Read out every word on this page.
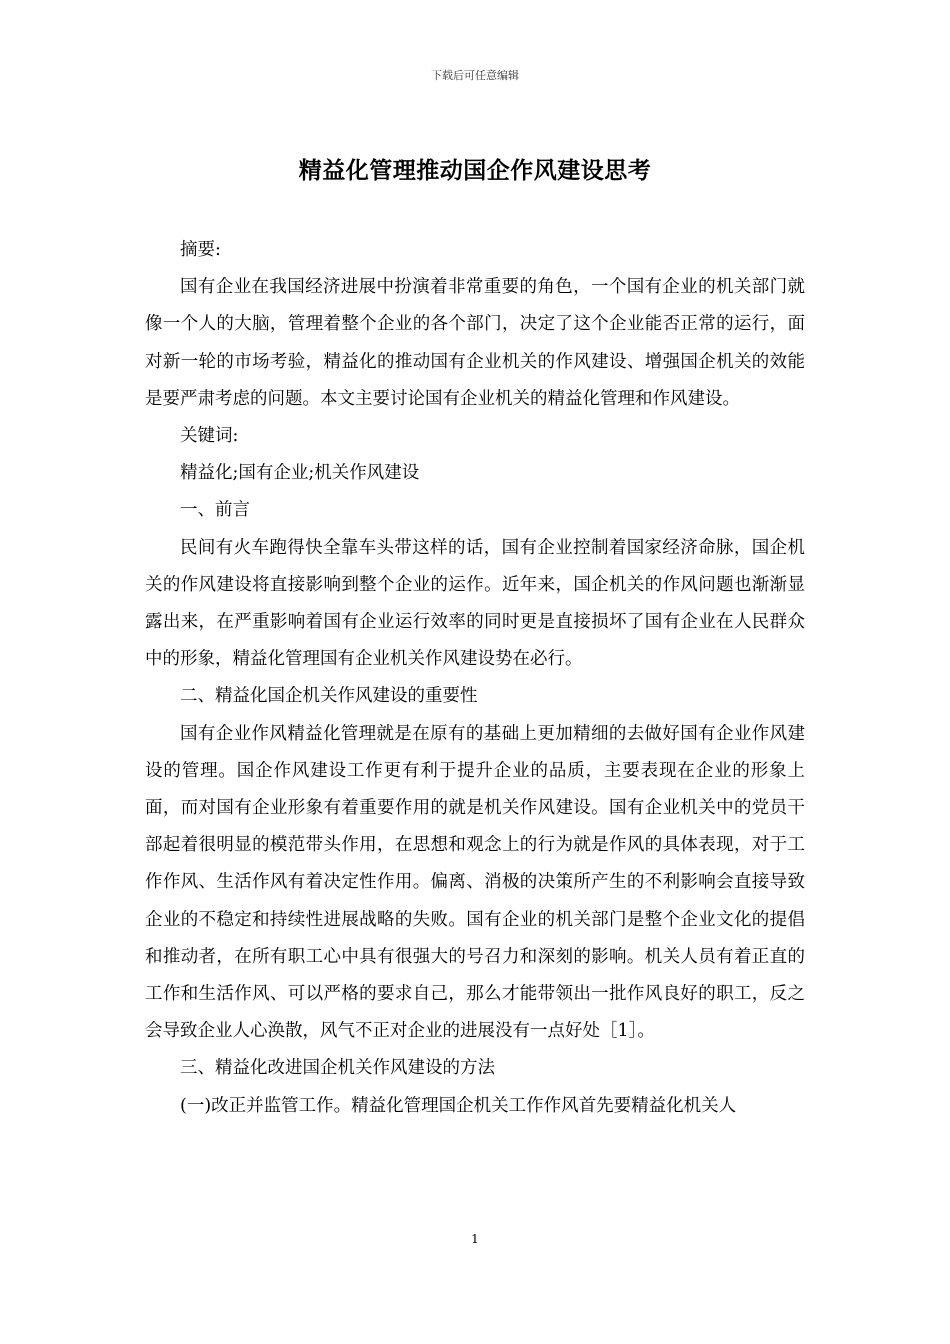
下载后可任意编辑
精益化管理推动国企作风建设思考

摘要:

国有企业在我国经济进展中扮演着非常重要的角色，一个国有企业的机关部门就像一个人的大脑，管理着整个企业的各个部门，决定了这个企业能否正常的运行，面对新一轮的市场考验，精益化的推动国有企业机关的作风建设、增强国企机关的效能是要严肃考虑的问题。本文主要讨论国有企业机关的精益化管理和作风建设。

关键词:

精益化;国有企业;机关作风建设

一、前言

民间有火车跑得快全靠车头带这样的话，国有企业控制着国家经济命脉，国企机关的作风建设将直接影响到整个企业的运作。近年来，国企机关的作风问题也渐渐显露出来，在严重影响着国有企业运行效率的同时更是直接损坏了国有企业在人民群众中的形象，精益化管理国有企业机关作风建设势在必行。

二、精益化国企机关作风建设的重要性

国有企业作风精益化管理就是在原有的基础上更加精细的去做好国有企业作风建设的管理。国企作风建设工作更有利于提升企业的品质，主要表现在企业的形象上面，而对国有企业形象有着重要作用的就是机关作风建设。国有企业机关中的党员干部起着很明显的模范带头作用，在思想和观念上的行为就是作风的具体表现，对于工作作风、生活作风有着决定性作用。偏离、消极的决策所产生的不利影响会直接导致企业的不稳定和持续性进展战略的失败。国有企业的机关部门是整个企业文化的提倡和推动者，在所有职工心中具有很强大的号召力和深刻的影响。机关人员有着正直的工作和生活作风、可以严格的要求自己，那么才能带领出一批作风良好的职工，反之会导致企业人心涣散，风气不正对企业的进展没有一点好处［1］。

三、精益化改进国企机关作风建设的方法

(一)改正并监管工作。精益化管理国企机关工作作风首先要精益化机关人

1
